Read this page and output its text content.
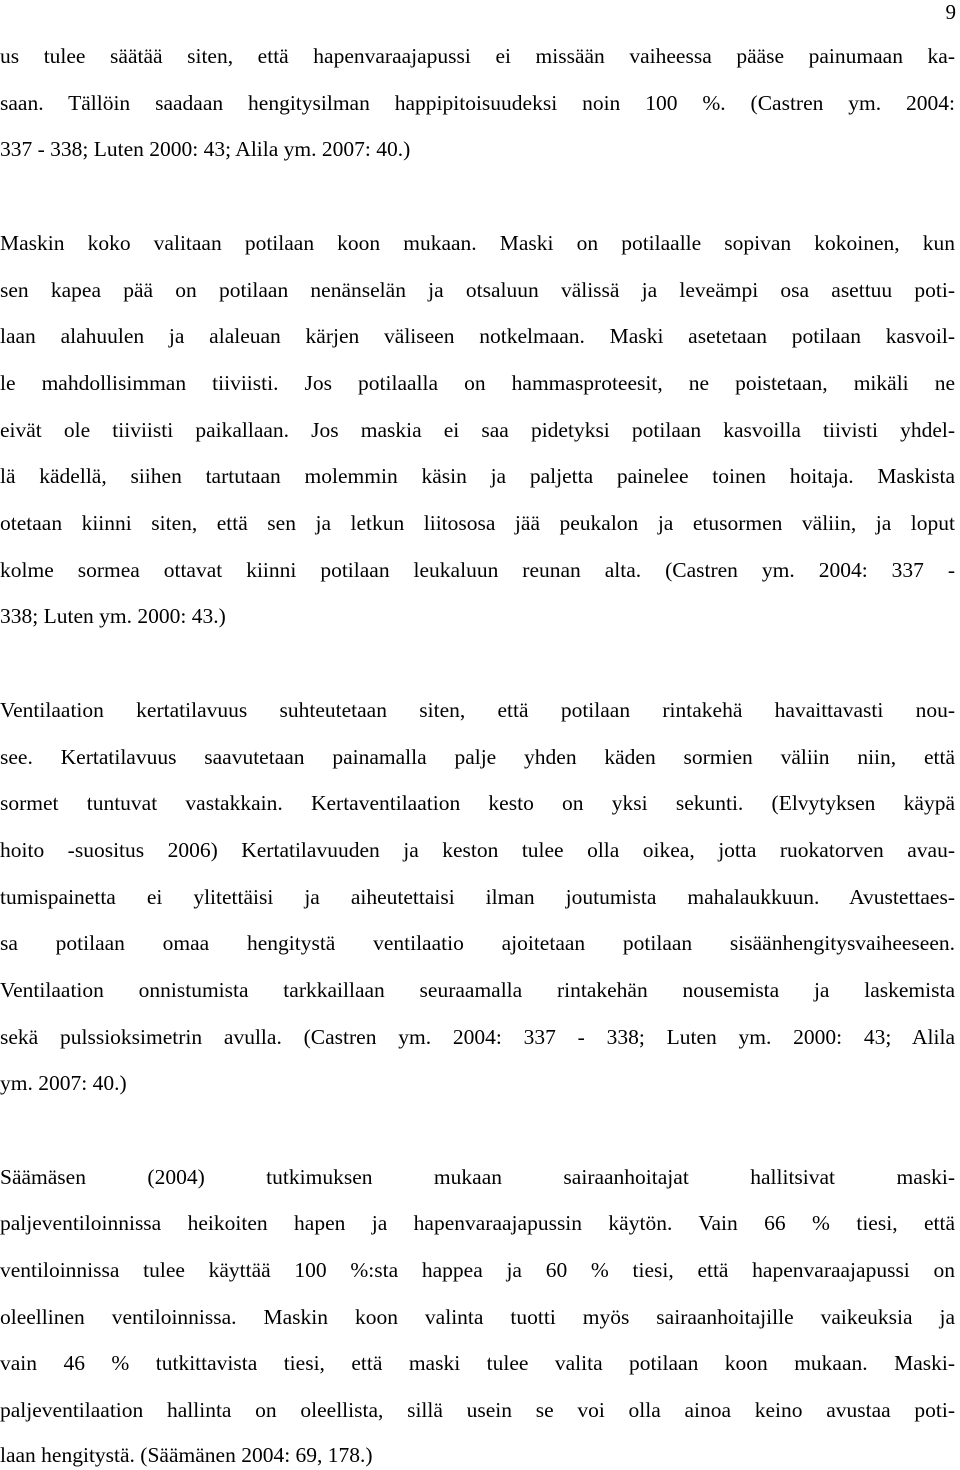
9
us tulee säätää siten, että hapenvaraajapussi ei missään vaiheessa pääse painumaan ka-
saan. Tällöin saadaan hengitysilman happipitoisuudeksi noin 100 %. (Castren ym. 2004:
337 - 338; Luten 2000: 43; Alila ym. 2007: 40.)
Maskin koko valitaan potilaan koon mukaan. Maski on potilaalle sopivan kokoinen, kun
sen kapea pää on potilaan nenänselän ja otsaluun välissä ja leveämpi osa asettuu poti-
laan alahuulen ja alaleuan kärjen väliseen notkelmaan. Maski asetetaan potilaan kasvoil-
le mahdollisimman tiiviisti. Jos potilaalla on hammasproteesit, ne poistetaan, mikäli ne
eivät ole tiiviisti paikallaan. Jos maskia ei saa pidetyksi potilaan kasvoilla tiivisti yhdel-
lä kädellä, siihen tartutaan molemmin käsin ja paljetta painelee toinen hoitaja. Maskista
otetaan kiinni siten, että sen ja letkun liitososa jää peukalon ja etusormen väliin, ja loput
kolme sormea ottavat kiinni potilaan leukaluun reunan alta. (Castren ym. 2004: 337 -
338; Luten ym. 2000: 43.)
Ventilaation kertatilavuus suhteutetaan siten, että potilaan rintakehä havaittavasti nou-
see. Kertatilavuus saavutetaan painamalla palje yhden käden sormien väliin niin, että
sormet tuntuvat vastakkain. Kertaventilaation kesto on yksi sekunti. (Elvytyksen käypä
hoito -suositus 2006) Kertatilavuuden ja keston tulee olla oikea, jotta ruokatorven avau-
tumispainetta ei ylitettäisi ja aiheutettaisi ilman joutumista mahalaukkuun. Avustettaes-
sa potilaan omaa hengitystä ventilaatio ajoitetaan potilaan sisäänhengitysvaiheeseen.
Ventilaation onnistumista tarkkaillaan seuraamalla rintakehän nousemista ja laskemista
sekä pulssioksimetrin avulla. (Castren ym. 2004: 337 - 338; Luten ym. 2000: 43; Alila
ym. 2007: 40.)
Säämäsen (2004) tutkimuksen mukaan sairaanhoitajat hallitsivat maski-
paljeventiloinnissa heikoiten hapen ja hapenvaraajapussin käytön. Vain 66 % tiesi, että
ventiloinnissa tulee käyttää 100 %:sta happea ja 60 % tiesi, että hapenvaraajapussi on
oleellinen ventiloinnissa. Maskin koon valinta tuotti myös sairaanhoitajille vaikeuksia ja
vain 46 % tutkittavista tiesi, että maski tulee valita potilaan koon mukaan. Maski-
paljeventilaation hallinta on oleellista, sillä usein se voi olla ainoa keino avustaa poti-
laan hengitystä. (Säämänen 2004: 69, 178.)
